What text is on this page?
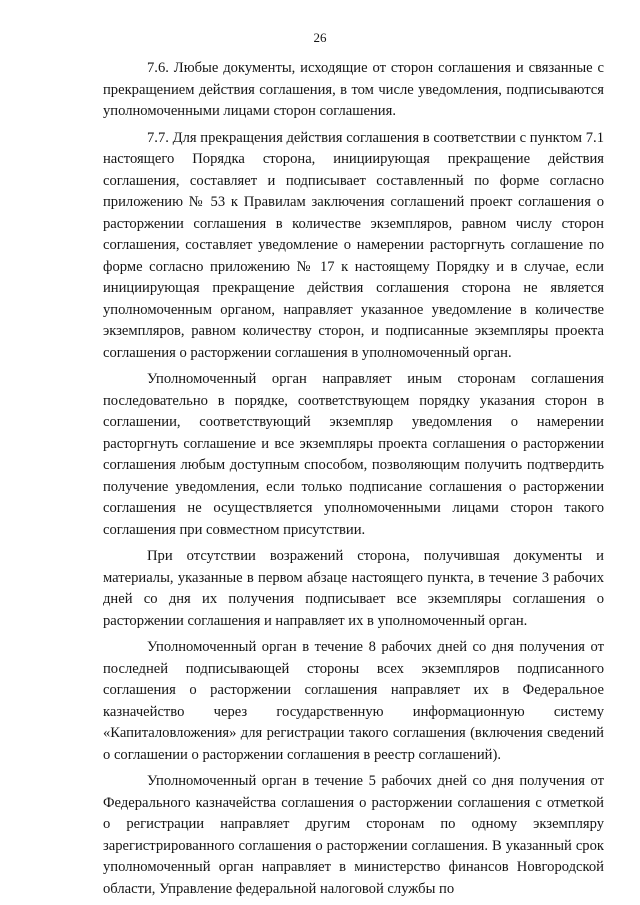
26

7.6. Любые документы, исходящие от сторон соглашения и связанные с прекращением действия соглашения, в том числе уведомления, подписываются уполномоченными лицами сторон соглашения.

7.7. Для прекращения действия соглашения в соответствии с пунктом 7.1 настоящего Порядка сторона, инициирующая прекращение действия соглашения, составляет и подписывает составленный по форме согласно приложению № 53 к Правилам заключения соглашений проект соглашения о расторжении соглашения в количестве экземпляров, равном числу сторон соглашения, составляет уведомление о намерении расторгнуть соглашение по форме согласно приложению № 17 к настоящему Порядку и в случае, если инициирующая прекращение действия соглашения сторона не является уполномоченным органом, направляет указанное уведомление в количестве экземпляров, равном количеству сторон, и подписанные экземпляры проекта соглашения о расторжении соглашения в уполномоченный орган.

Уполномоченный орган направляет иным сторонам соглашения последовательно в порядке, соответствующем порядку указания сторон в соглашении, соответствующий экземпляр уведомления о намерении расторгнуть соглашение и все экземпляры проекта соглашения о расторжении соглашения любым доступным способом, позволяющим получить подтвердить получение уведомления, если только подписание соглашения о расторжении соглашения не осуществляется уполномоченными лицами сторон такого соглашения при совместном присутствии.

При отсутствии возражений сторона, получившая документы и материалы, указанные в первом абзаце настоящего пункта, в течение 3 рабочих дней со дня их получения подписывает все экземпляры соглашения о расторжении соглашения и направляет их в уполномоченный орган.

Уполномоченный орган в течение 8 рабочих дней со дня получения от последней подписывающей стороны всех экземпляров подписанного соглашения о расторжении соглашения направляет их в Федеральное казначейство через государственную информационную систему «Капиталовложения» для регистрации такого соглашения (включения сведений о соглашении о расторжении соглашения в реестр соглашений).

Уполномоченный орган в течение 5 рабочих дней со дня получения от Федерального казначейства соглашения о расторжении соглашения с отметкой о регистрации направляет другим сторонам по одному экземпляру зарегистрированного соглашения о расторжении соглашения. В указанный срок уполномоченный орган направляет в министерство финансов Новгородской области, Управление федеральной налоговой службы по
